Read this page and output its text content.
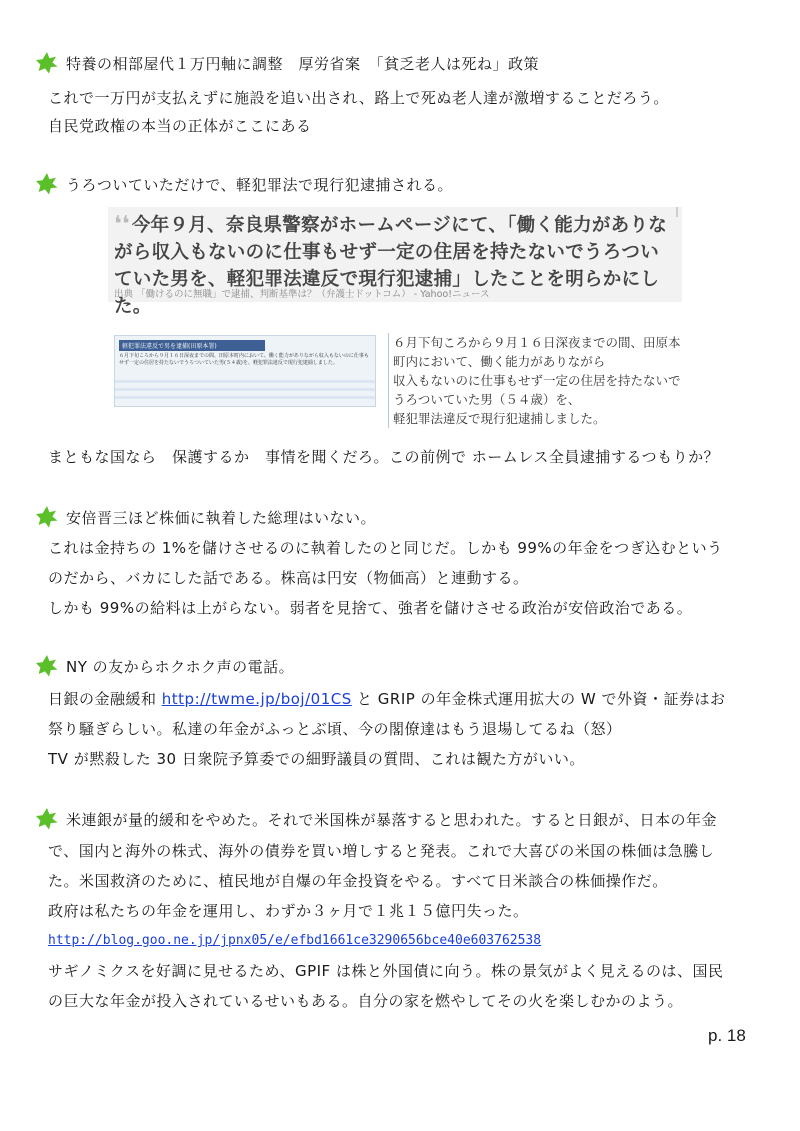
特養の相部屋代１万円軸に調整　厚労省案　「貧乏老人は死ね」政策
これで一万円が支払えずに施設を追い出され、路上で死ぬ老人達が激増することだろう。
自民党政権の本当の正体がここにある
うろついていただけで、軽犯罪法で現行犯逮捕される。
❛❛ 今年９月、奈良県警察がホームページにて、「働く能力がありながら収入もないのに仕事もせず一定の住居を持たないでうろついていた男を、軽犯罪法違反で現行犯逮捕」したことを明らかにした。
出典 「働けるのに無職」で逮捕、判断基準は？（弁護士ドットコム） - Yahoo!ニュース
軽犯罪法違反で男を逮捕(田原本署)
６月下旬ころから９月１６日深夜までの間、田原本町内において、働く能力がありながら収入もないのに仕事もせず一定の住居を持たないでうろついていた男(５４歳)を、軽犯罪法違反で現行犯逮捕しました。
６月下旬ころから９月１６日深夜までの間、田原本
町内において、働く能力がありながら
収入もないのに仕事もせず一定の住居を持たないで
うろついていた男（５４歳）を、
軽犯罪法違反で現行犯逮捕しました。
まともな国なら　保護するか　事情を聞くだろ。この前例で ホームレス全員逮捕するつもりか？
安倍晋三ほど株価に執着した総理はいない。
これは金持ちの 1%を儲けさせるのに執着したのと同じだ。しかも 99%の年金をつぎ込むという
のだから、バカにした話である。株高は円安（物価高）と連動する。
しかも 99%の給料は上がらない。弱者を見捨て、強者を儲けさせる政治が安倍政治である。
NY の友からホクホク声の電話。
日銀の金融緩和 http://twme.jp/boj/01CS と GRIP の年金株式運用拡大の W で外資・証券はお
祭り騒ぎらしい。私達の年金がふっとぶ頃、今の閣僚達はもう退場してるね（怒）
TV が黙殺した 30 日衆院予算委での細野議員の質問、これは観た方がいい。
米連銀が量的緩和をやめた。それで米国株が暴落すると思われた。すると日銀が、日本の年金
で、国内と海外の株式、海外の債券を買い増しすると発表。これで大喜びの米国の株価は急騰し
た。米国救済のために、植民地が自爆の年金投資をやる。すべて日米談合の株価操作だ。
政府は私たちの年金を運用し、わずか３ヶ月で１兆１５億円失った。
http://blog.goo.ne.jp/jpnx05/e/efbd1661ce3290656bce40e603762538
サギノミクスを好調に見せるため、GPIF は株と外国債に向う。株の景気がよく見えるのは、国民
の巨大な年金が投入されているせいもある。自分の家を燃やしてその火を楽しむかのよう。
p. 18
